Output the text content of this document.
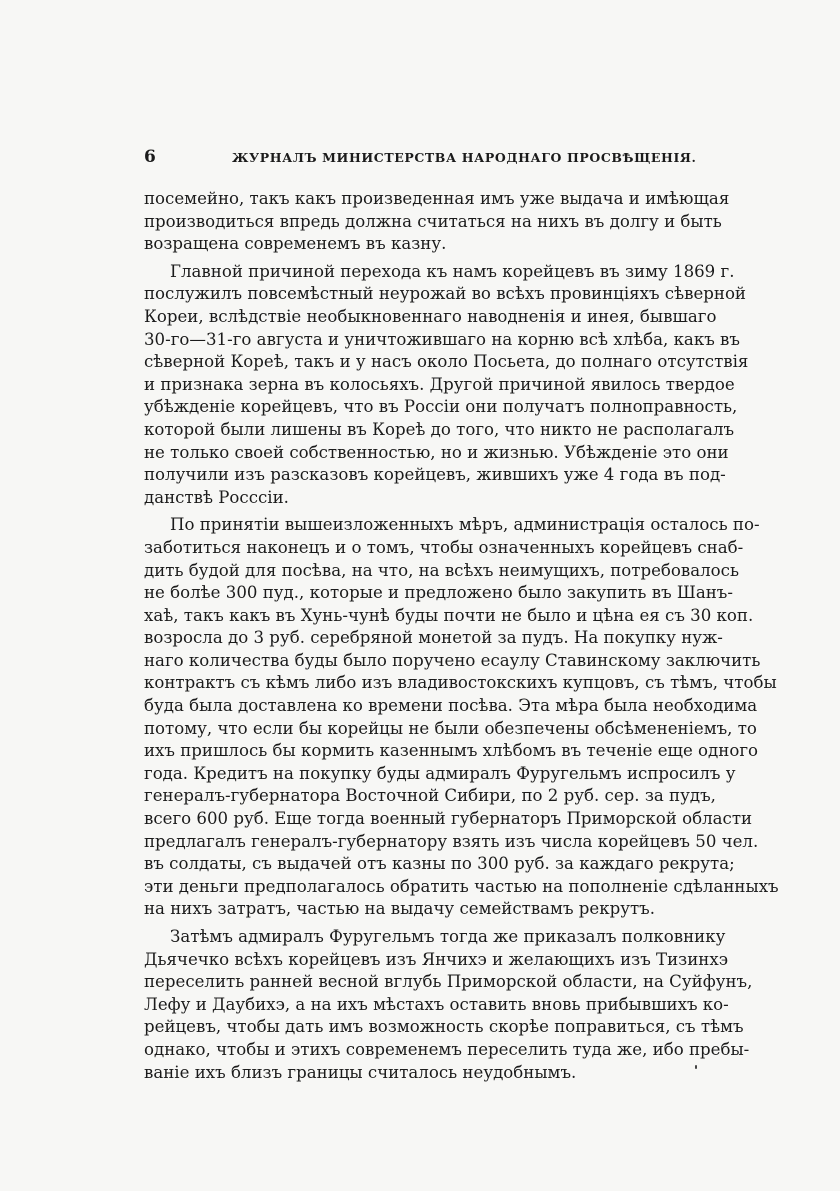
6	ЖУРНАЛЪ МИНИСТЕРСТВА НАРОДНАГО ПРОСВѢЩЕНІЯ.
посемейно, такъ какъ произведенная имъ уже выдача и имѣющая
производиться впредь должна считаться на нихъ въ долгу и быть
возращена современемъ въ казну.
Главной причиной перехода къ намъ корейцевъ въ зиму 1869 г.
послужилъ повсемѣстный неурожай во всѣхъ провинціяхъ сѣверной
Кореи, вслѣдствіе необыкновеннаго наводненія и инея, бывшаго
30-го—31-го августа и уничтожившаго на корню всѣ хлѣба, какъ въ
сѣверной Кореѣ, такъ и у насъ около Посьета, до полнаго отсутствія
и признака зерна въ колосьяхъ. Другой причиной явилось твердое
убѣжденіе корейцевъ, что въ Россіи они получатъ полноправность,
которой были лишены въ Кореѣ до того, что никто не располагалъ
не только своей собственностью, но и жизнью. Убѣжденіе это они
получили изъ разсказовъ корейцевъ, жившихъ уже 4 года въ под-
данствѣ Росссіи.
По принятіи вышеизложенныхъ мѣръ, администрація осталось по-
заботиться наконецъ и о томъ, чтобы означенныхъ корейцевъ снаб-
дить будой для посѣва, на что, на всѣхъ неимущихъ, потребовалось
не болѣе 300 пуд., которые и предложено было закупить въ Шанъ-
хаѣ, такъ какъ въ Хунь-чунѣ буды почти не было и цѣна ея съ 30 коп.
возросла до 3 руб. серебряной монетой за пудъ. На покупку нуж-
наго количества буды было поручено есаулу Ставинскому заключить
контрактъ съ кѣмъ либо изъ владивостокскихъ купцовъ, съ тѣмъ, чтобы
буда была доставлена ко времени посѣва. Эта мѣра была необходима
потому, что если бы корейцы не были обезпечены обсѣмененіемъ, то
ихъ пришлось бы кормить казеннымъ хлѣбомъ въ теченіе еще одного
года. Кредитъ на покупку буды адмиралъ Фуругельмъ испросилъ у
генералъ-губернатора Восточной Сибири, по 2 руб. сер. за пудъ,
всего 600 руб. Еще тогда военный губернаторъ Приморской области
предлагалъ генералъ-губернатору взять изъ числа корейцевъ 50 чел.
въ солдаты, съ выдачей отъ казны по 300 руб. за каждаго рекрута;
эти деньги предполагалось обратить частью на пополненіе сдѣланныхъ
на нихъ затратъ, частью на выдачу семействамъ рекрутъ.
Затѣмъ адмиралъ Фуругельмъ тогда же приказалъ полковнику
Дьячечко всѣхъ корейцевъ изъ Янчихэ и желающихъ изъ Тизинхэ
переселить ранней весной вглубь Приморской области, на Суйфунъ,
Лефу и Даубихэ, а на ихъ мѣстахъ оставить вновь прибывшихъ ко-
рейцевъ, чтобы дать имъ возможность скорѣе поправиться, съ тѣмъ
однако, чтобы и этихъ современемъ переселить туда же, ибо пребы-
ваніе ихъ близъ границы считалось неудобнымъ.
